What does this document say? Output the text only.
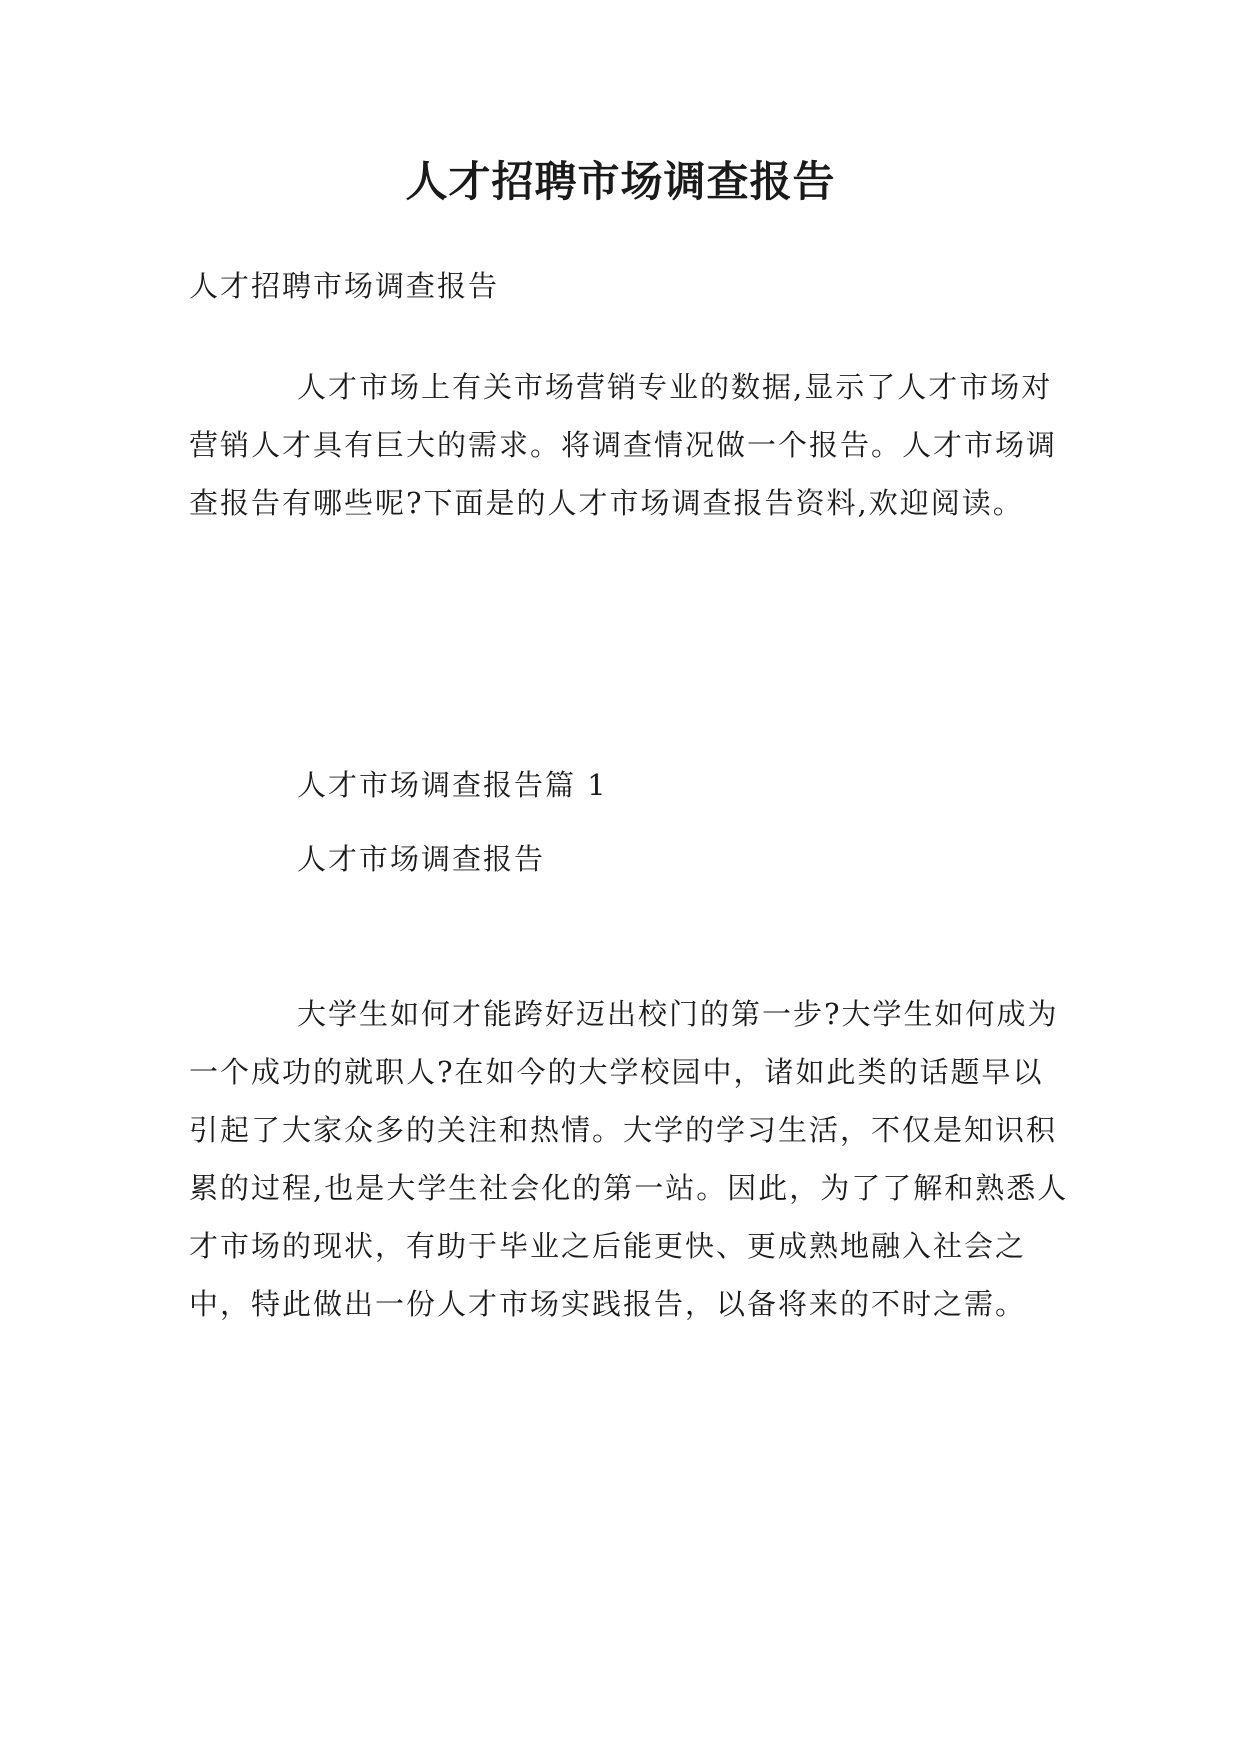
人才招聘市场调查报告

人才招聘市场调查报告

人才市场上有关市场营销专业的数据,显示了人才市场对营销人才具有巨大的需求。将调查情况做一个报告。人才市场调查报告有哪些呢?下面是的人才市场调查报告资料,欢迎阅读。

人才市场调查报告篇 1

人才市场调查报告

大学生如何才能跨好迈出校门的第一步?大学生如何成为一个成功的就职人?在如今的大学校园中，诸如此类的话题早以引起了大家众多的关注和热情。大学的学习生活，不仅是知识积累的过程,也是大学生社会化的第一站。因此，为了了解和熟悉人才市场的现状，有助于毕业之后能更快、更成熟地融入社会之中，特此做出一份人才市场实践报告，以备将来的不时之需。
